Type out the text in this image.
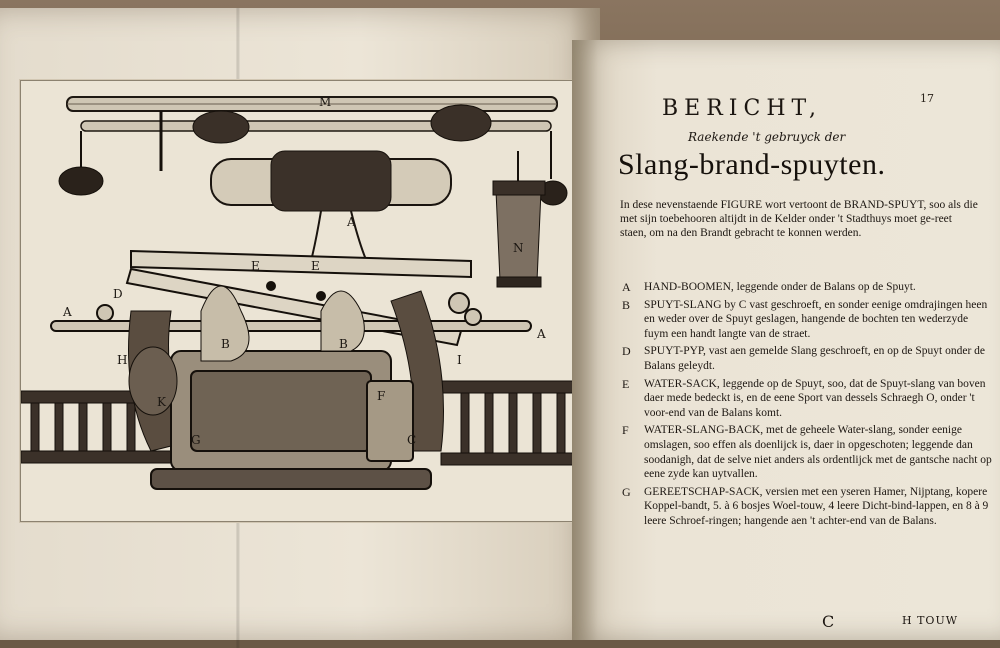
M
A
N
D
E	E
A
A
H	I
B	B
K	F
G	C
17
BERICHT,
Raekende 't gebruyck der
Slang-brand-spuyten.
In dese nevenstaende FIGURE wort vertoont de BRAND-SPUYT, soo als die met sijn toebehooren altijdt in de Kelder onder 't Stadthuys moet ge-reet staen, om na den Brandt gebracht te konnen werden.
A	HAND-BOOMEN, leggende onder de Balans op de Spuyt.
B	SPUYT-SLANG by C vast geschroeft, en sonder eenige omdrajingen heen en weder over de Spuyt geslagen, hangende de bochten ten wederzyde fuym een handt langte van de straet.
D	SPUYT-PYP, vast aen gemelde Slang geschroeft, en op de Spuyt onder de Balans geleydt.
E	WATER-SACK, leggende op de Spuyt, soo, dat de Spuyt-slang van boven daer mede bedeckt is, en de eene Sport van dessels Schraegh O, onder 't voor-end van de Balans komt.
F	WATER-SLANG-BACK, met de geheele Water-slang, sonder eenige omslagen, soo effen als doenlijck is, daer in opgeschoten; leggende dan soodanigh, dat de selve niet anders als ordentlijck met de gantsche nacht op eene zyde kan uytvallen.
G	GEREETSCHAP-SACK, versien met een yseren Hamer, Nijptang, kopere Koppel-bandt, 5. à 6 bosjes Woel-touw, 4 leere Dicht-bind-lappen, en 8 à 9 leere Schroef-ringen; hangende aen 't achter-end van de Balans.
C	H TOUW
